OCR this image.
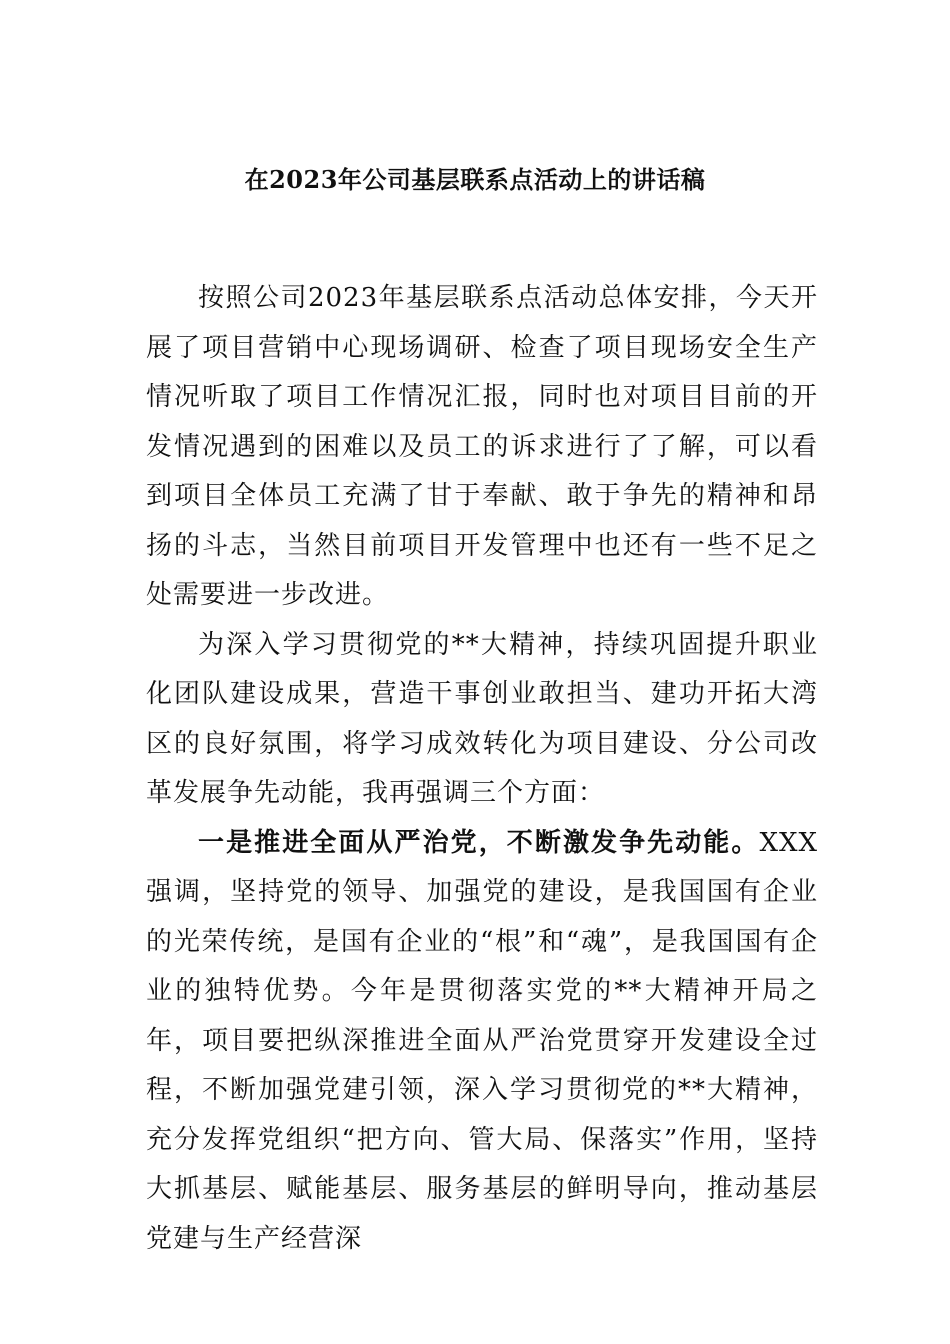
在2023年公司基层联系点活动上的讲话稿

按照公司2023年基层联系点活动总体安排，今天开展了项目营销中心现场调研、检查了项目现场安全生产情况听取了项目工作情况汇报，同时也对项目目前的开发情况遇到的困难以及员工的诉求进行了了解，可以看到项目全体员工充满了甘于奉献、敢于争先的精神和昂扬的斗志，当然目前项目开发管理中也还有一些不足之处需要进一步改进。

为深入学习贯彻党的**大精神，持续巩固提升职业化团队建设成果，营造干事创业敢担当、建功开拓大湾区的良好氛围，将学习成效转化为项目建设、分公司改革发展争先动能，我再强调三个方面：

一是推进全面从严治党，不断激发争先动能。XXX强调，坚持党的领导、加强党的建设，是我国国有企业的光荣传统，是国有企业的“根”和“魂”，是我国国有企业的独特优势。今年是贯彻落实党的**大精神开局之年，项目要把纵深推进全面从严治党贯穿开发建设全过程，不断加强党建引领，深入学习贯彻党的**大精神，充分发挥党组织“把方向、管大局、保落实”作用，坚持大抓基层、赋能基层、服务基层的鲜明导向，推动基层党建与生产经营深
